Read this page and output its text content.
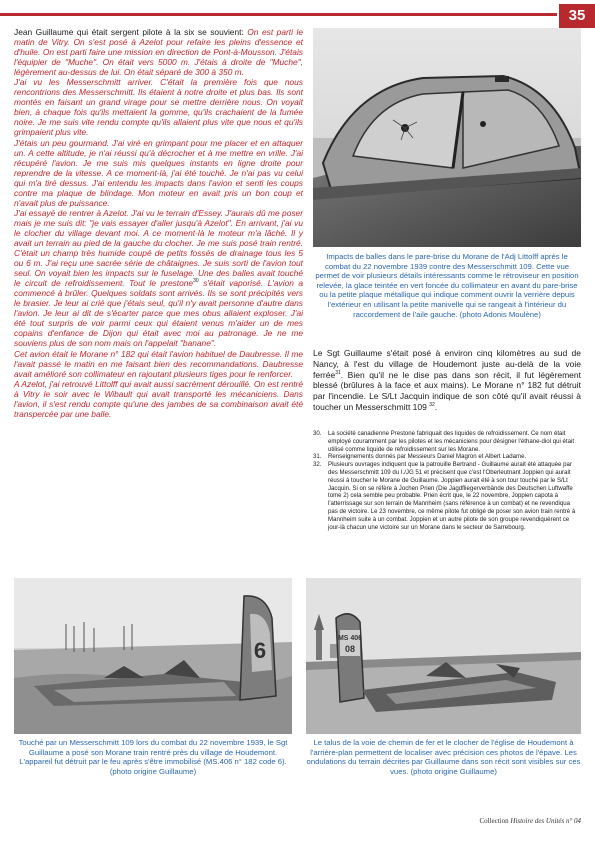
35

Jean Guillaume qui était sergent pilote à la six se souvient: On est parti le matin de Vitry. On s'est posé à Azelot pour refaire les pleins d'essence et d'huile. On est parti faire une mission en direction de Pont-à-Mousson. J'étais l'équipier de "Muche". On était vers 5000 m. J'étais à droite de "Muche", légèrement au-dessus de lui. On était séparé de 300 à 350 m.

J'ai vu les Messerschmitt arriver. C'était la première fois que nous rencontrions des Messerschmitt. Ils étaient à notre droite et plus bas. Ils sont montés en faisant un grand virage pour se mettre derrière nous. On voyait bien, à chaque fois qu'ils mettaient la gomme, qu'ils crachaient de la fumée noire. Je me suis vite rendu compte qu'ils allaient plus vite que nous et qu'ils grimpaient plus vite.

J'étais un peu gourmand. J'ai viré en grimpant pour me placer et en attaquer un. A cette altitude, je n'ai réussi qu'à décrocher et à me mettre en vrille. J'ai récupéré l'avion. Je me suis mis quelques instants en ligne droite pour reprendre de la vitesse. A ce moment-là, j'ai été touché. Je n'ai pas vu celui qui m'a tiré dessus. J'ai entendu les impacts dans l'avion et senti les coups contre ma plaque de blindage. Mon moteur en avait pris un bon coup et n'avait plus de puissance.

J'ai essayé de rentrer à Azelot. J'ai vu le terrain d'Essey. J'aurais dû me poser mais je me suis dit: "je vais essayer d'aller jusqu'à Azelot". En arrivant, j'ai vu le clocher du village devant moi. A ce moment-là le moteur m'a lâché. Il y avait un terrain au pied de la gauche du clocher. Je me suis posé train rentré. C'était un champ très humide coupé de petits fossés de drainage tous les 5 ou 6 m. J'ai reçu une sacrée série de châtaignes. Je suis sorti de l'avion tout seul. On voyait bien les impacts sur le fuselage. Une des balles avait touché le circuit de refroidissement. Tout le prestone$^{30}$ s'était vaporisé. L'avion a commencé à brûler. Quelques soldats sont arrivés. Ils se sont précipités vers le brasier. Je leur ai crié que j'étais seul, qu'il n'y avait personne d'autre dans l'avion. Je leur ai dit de s'écarter parce que mes obus allaient exploser. J'ai été tout surpris de voir parmi ceux qui étaient venus m'aider un de mes copains d'enfance de Dijon qui était avec moi au patronage. Je ne me souviens plus de son nom mais on l'appelait "banane".

Cet avion était le Morane n° 182 qui était l'avion habituel de Daubresse. Il me l'avait passé le matin en me faisant bien des recommandations. Daubresse avait amélioré son collimateur en rajoutant plusieurs tiges pour le renforcer.

A Azelot, j'ai retrouvé Littolff qui avait aussi sacrément dérouillé. On est rentré à Vitry le soir avec le Wibault qui avait transporté les mécaniciens. Dans l'avion, il s'est rendu compte qu'une des jambes de sa combinaison avait été transpercée par une balle.

Impacts de balles dans le pare-brise du Morane de l'Adj Littolff après le combat du 22 novembre 1939 contre des Messerschmitt 109. Cette vue permet de voir plusieurs détails intéressants comme le rétroviseur en position relevée, la glace teintée en vert foncée du collimateur en avant du pare-brise ou la petite plaque métallique qui indique comment ouvrir la verrière depuis l'extérieur en utilisant la petite manivelle qui se rangeait à l'intérieur du raccordement de l'aile gauche. (photo Adonis Moulène)
Le Sgt Guillaume s'était posé à environ cinq kilomètres au sud de Nancy, à l'est du village de Houdemont juste au-delà de la voie ferrée$^{31}$. Bien qu'il ne le dise pas dans son récit, il fut légèrement blessé (brûlures à la face et aux mains). Le Morane n° 182 fut détruit par l'incendie. Le S/Lt Jacquin indique de son côté qu'il avait réussi à toucher un Messerschmitt 109 $^{32}$.
30. La société canadienne Prestone fabriquait des liquides de refroidissement. Ce nom était employé couramment par les pilotes et les mécaniciens pour désigner l'éthane-diol qui était utilisé comme liquide de refroidissement sur les Morane.
31. Renseignements donnés par Messieurs Daniel Magron et Albert Ladame.
32. Plusieurs ouvrages indiquent que la patrouille Bertrand - Guillaume aurait été attaquée par des Messerschmitt 109 du I./JG 51 et précisent que c'est l'Oberleutnant Joppien qui aurait réussi à toucher le Morane de Guillaume. Joppien aurait été à son tour touché par le S/Lt Jacquin. Si on se réfère à Jochen Prien (Die Jagdfliegerverbände des Deutschen Luftwaffe tome 2) cela semble peu probable. Prien écrit que, le 22 novembre, Joppien capota à l'atterrissage sur son terrain de Mannheim (sans référence à un combat) et ne revendiqua pas de victoire. Le 23 novembre, ce même pilote fut obligé de poser son avion train rentré à Mannheim suite à un combat. Joppien et un autre pilote de son groupe revendiquèrent ce jour-là chacun une victoire sur un Morane dans le secteur de Sarrebourg.
6
Touché par un Messerschmitt 109 lors du combat du 22 novembre 1939, le Sgt Guillaume a posé son Morane train rentré près du village de Houdemont. L'appareil fut détruit par le feu après s'être immobilisé (MS.406 n° 182 code 6). (photo origine Guillaume)
MS 406
08
Le talus de la voie de chemin de fer et le clocher de l'église de Houdemont à l'arrière-plan permettent de localiser avec précision ces photos de l'épave. Les ondulations du terrain décrites par Guillaume dans son récit sont visibles sur ces vues. (photo origine Guillaume)
Collection Histoire des Unités n° 04
